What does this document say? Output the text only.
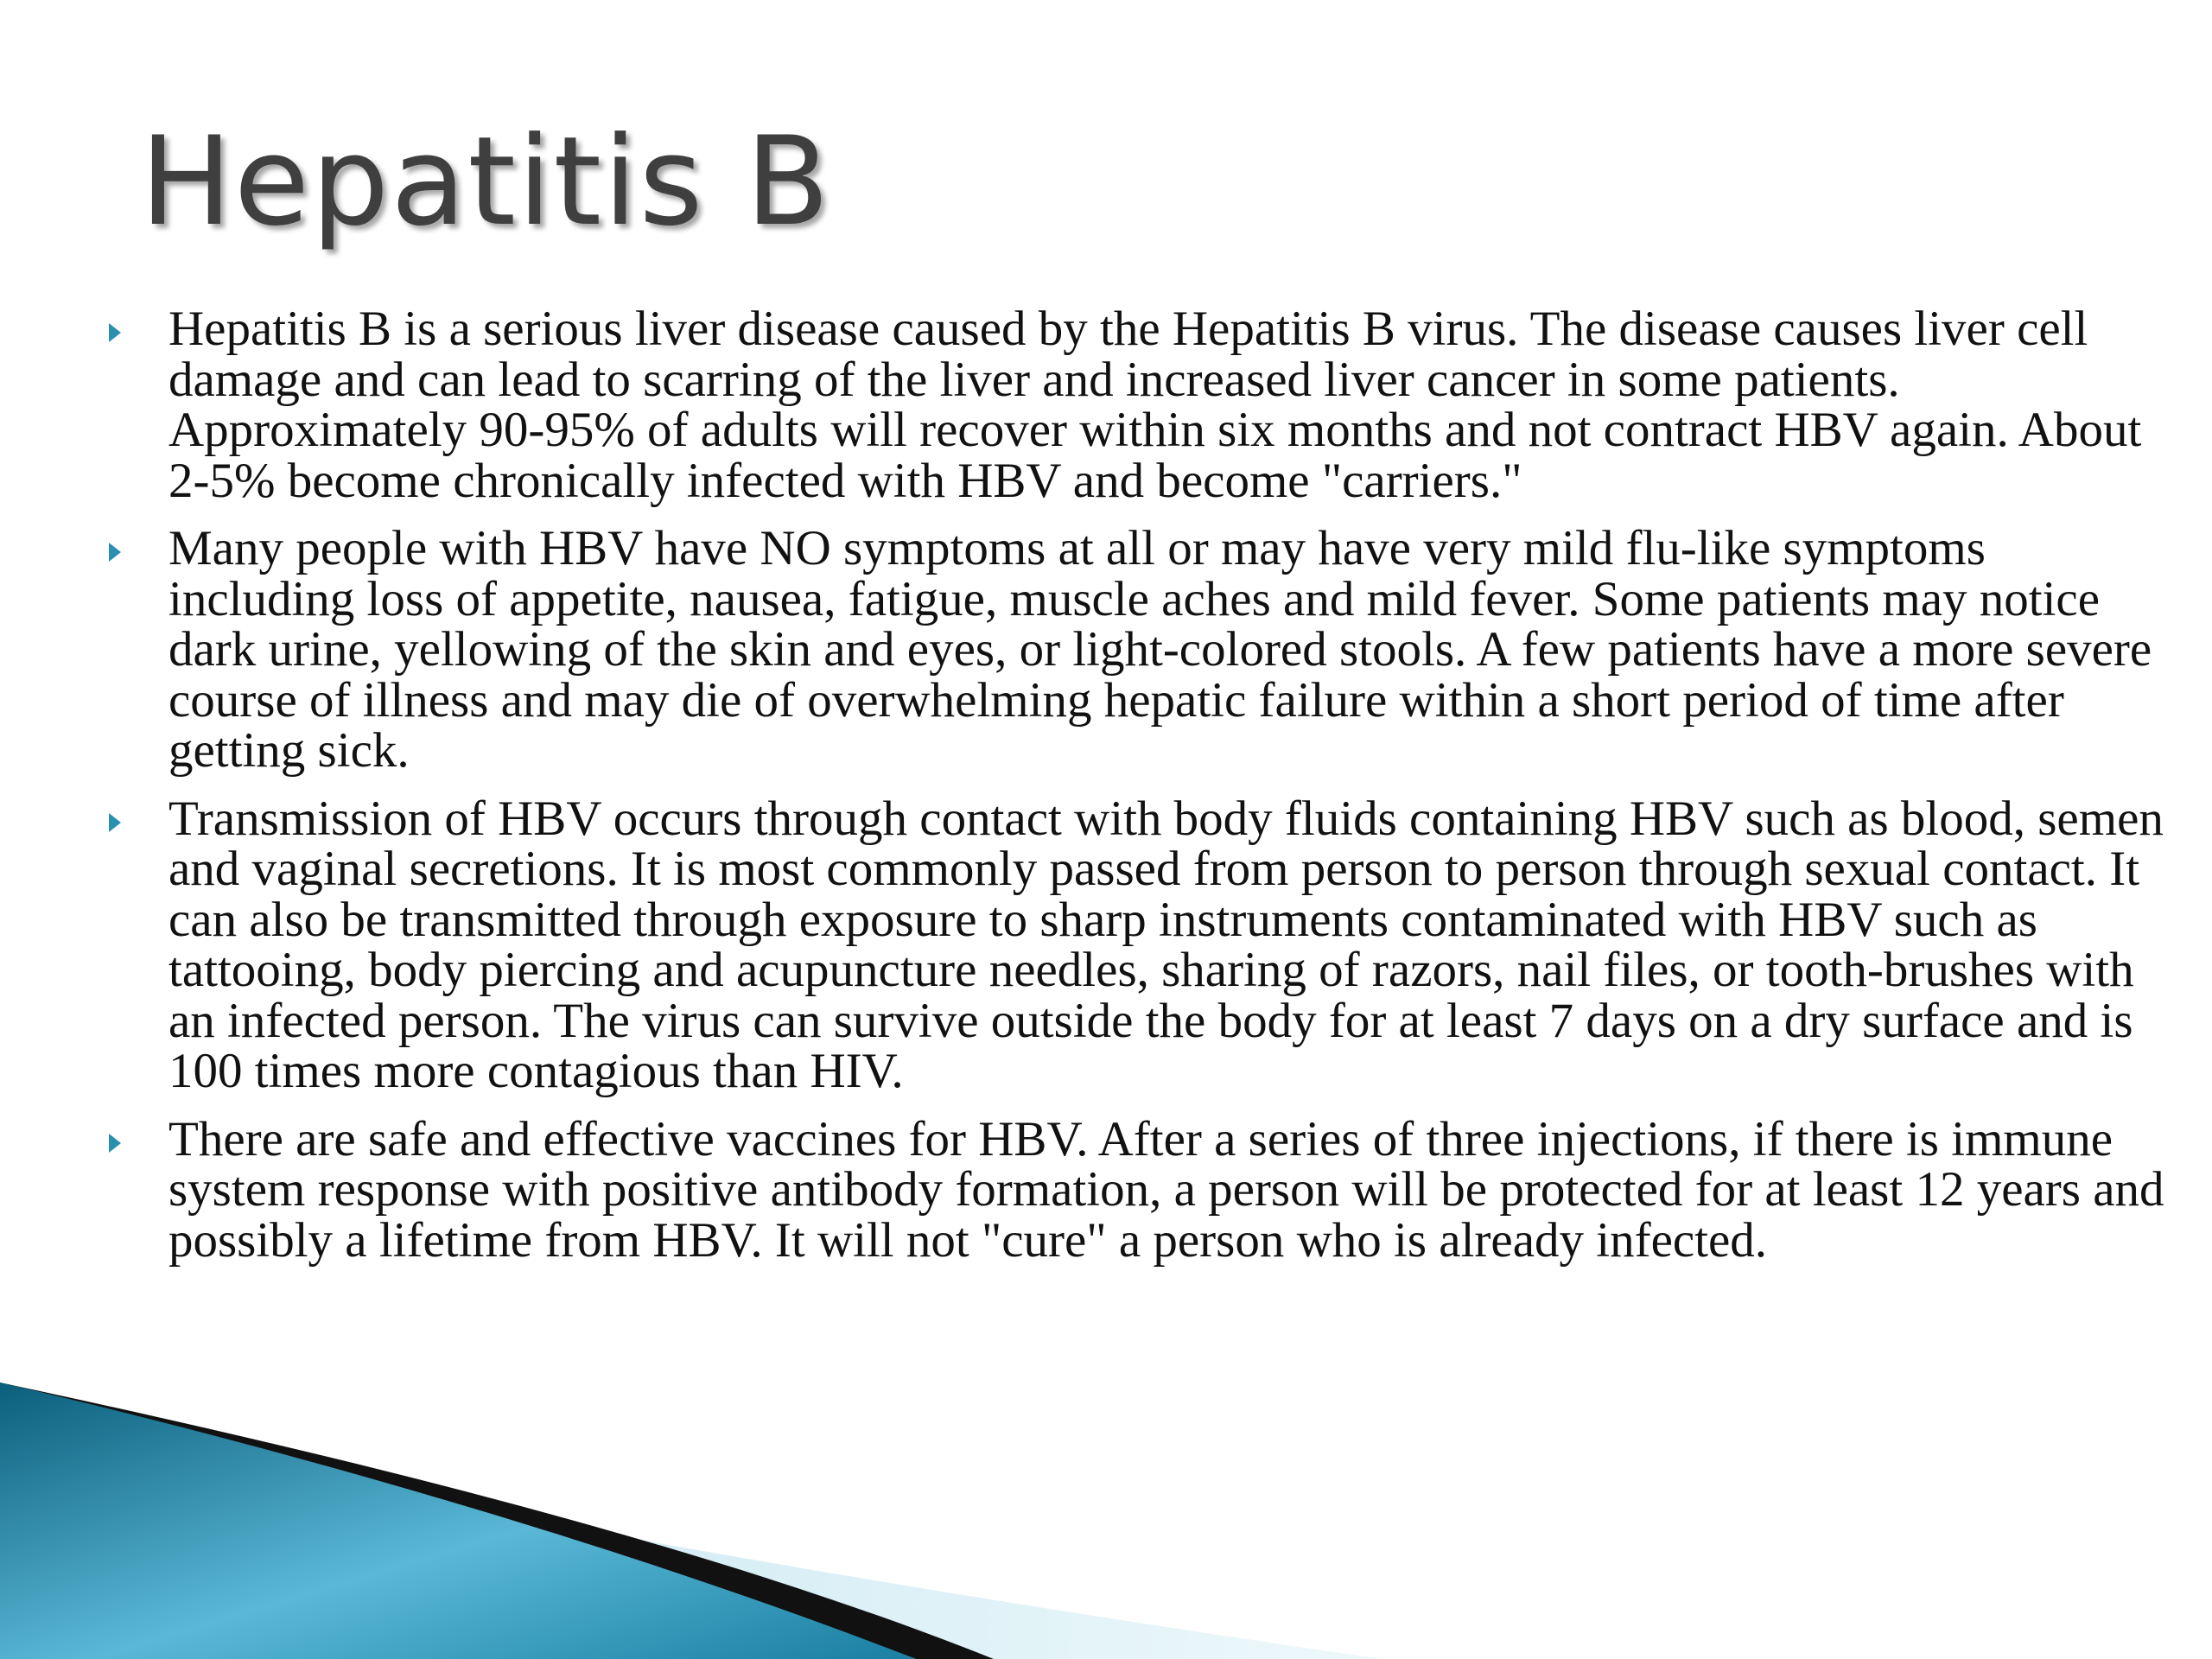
Hepatitis B
Hepatitis B is a serious liver disease caused by the Hepatitis B virus. The disease causes liver cell damage and can lead to scarring of the liver and increased liver cancer in some patients. Approximately 90-95% of adults will recover within six months and not contract HBV again. About 2-5% become chronically infected with HBV and become "carriers."
Many people with HBV have NO symptoms at all or may have very mild flu-like symptoms including loss of appetite, nausea, fatigue, muscle aches and mild fever. Some patients may notice dark urine, yellowing of the skin and eyes, or light-colored stools. A few patients have a more severe course of illness and may die of overwhelming hepatic failure within a short period of time after getting sick.
Transmission of HBV occurs through contact with body fluids containing HBV such as blood, semen and vaginal secretions. It is most commonly passed from person to person through sexual contact. It can also be transmitted through exposure to sharp instruments contaminated with HBV such as tattooing, body piercing and acupuncture needles, sharing of razors, nail files, or tooth-brushes with an infected person. The virus can survive outside the body for at least 7 days on a dry surface and is 100 times more contagious than HIV.
There are safe and effective vaccines for HBV. After a series of three injections, if there is immune system response with positive antibody formation, a person will be protected for at least 12 years and possibly a lifetime from HBV. It will not "cure" a person who is already infected.
